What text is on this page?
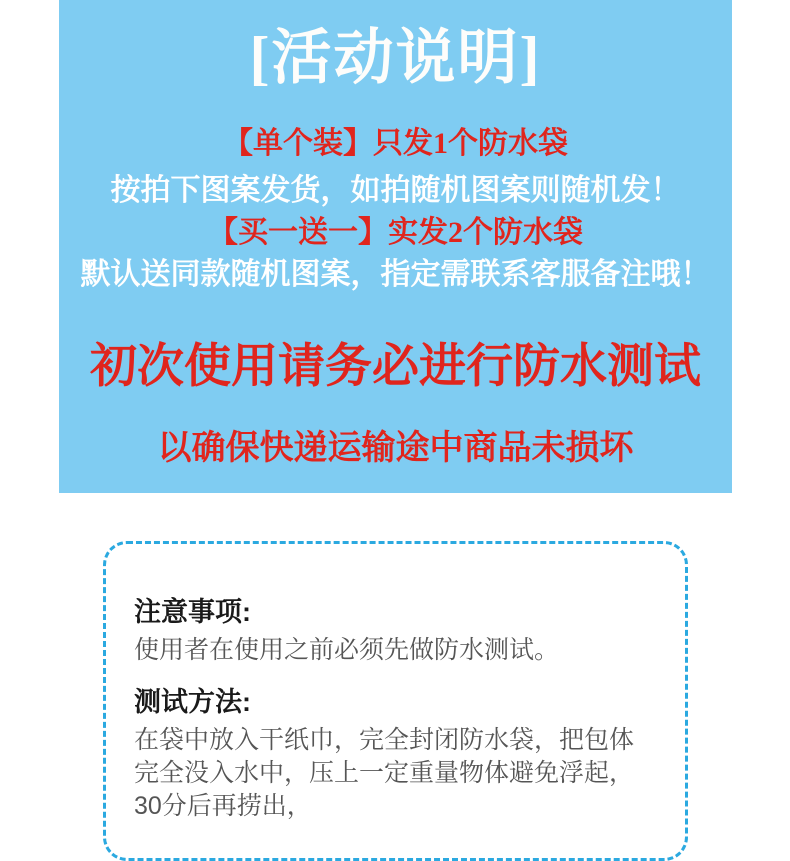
[活动说明]
【单个装】只发1个防水袋
按拍下图案发货，如拍随机图案则随机发！
【买一送一】实发2个防水袋
默认送同款随机图案，指定需联系客服备注哦！
初次使用请务必进行防水测试
以确保快递运输途中商品未损坏

注意事项:

使用者在使用之前必须先做防水测试。

测试方法:

在袋中放入干纸巾，完全封闭防水袋，把包体完全没入水中，压上一定重量物体避免浮起，30分后再捞出，
